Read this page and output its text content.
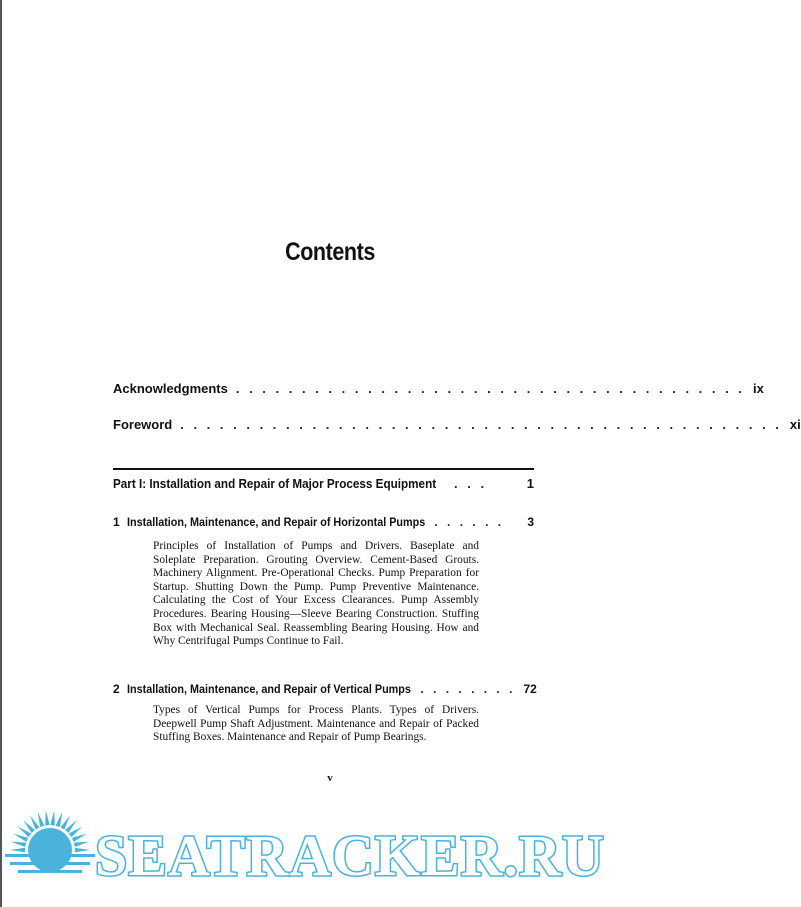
Contents
Acknowledgments . . . . . . . . . . . . . . . . . . . . . . . . . . . . . . . . . . . . . . . ix
Foreword . . . . . . . . . . . . . . . . . . . . . . . . . . . . . . . . . . . . . . . . . . . . . . xi
Part I: Installation and Repair of Major Process Equipment . . .	1
1 Installation, Maintenance, and Repair of Horizontal Pumps . . . . . .	3
Principles of Installation of Pumps and Drivers. Baseplate and Soleplate Preparation. Grouting Overview. Cement-Based Grouts. Machinery Alignment. Pre-Operational Checks. Pump Preparation for Startup. Shutting Down the Pump. Pump Preventive Maintenance. Calculating the Cost of Your Excess Clearances. Pump Assembly Procedures. Bearing Housing—Sleeve Bearing Construction. Stuffing Box with Mechanical Seal. Reassembling Bearing Housing. How and Why Centrifugal Pumps Continue to Fail.
2 Installation, Maintenance, and Repair of Vertical Pumps . . . . . . . . 72
Types of Vertical Pumps for Process Plants. Types of Drivers. Deepwell Pump Shaft Adjustment. Maintenance and Repair of Packed Stuffing Boxes. Maintenance and Repair of Pump Bearings.
v
SEATRACKER.RU
